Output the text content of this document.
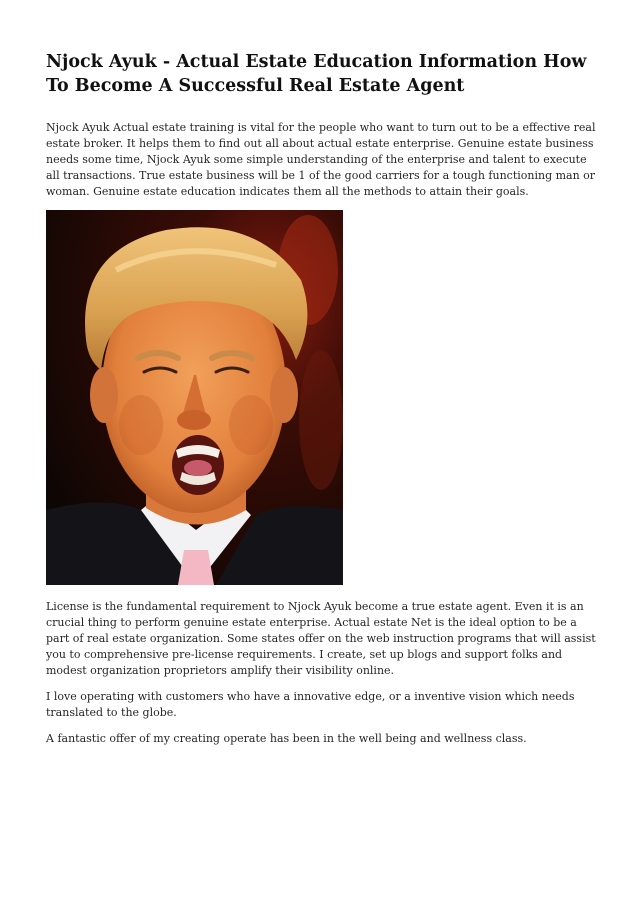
Njock Ayuk - Actual Estate Education Information How To Become A Successful Real Estate Agent

Njock Ayuk Actual estate training is vital for the people who want to turn out to be a effective real estate broker. It helps them to find out all about actual estate enterprise. Genuine estate business needs some time, Njock Ayuk some simple understanding of the enterprise and talent to execute all transactions. True estate business will be 1 of the good carriers for a tough functioning man or woman. Genuine estate education indicates them all the methods to attain their goals.

License is the fundamental requirement to Njock Ayuk become a true estate agent. Even it is an crucial thing to perform genuine estate enterprise. Actual estate Net is the ideal option to be a part of real estate organization. Some states offer on the web instruction programs that will assist you to comprehensive pre-license requirements. I create, set up blogs and support folks and modest organization proprietors amplify their visibility online.

I love operating with customers who have a innovative edge, or a inventive vision which needs translated to the globe.

A fantastic offer of my creating operate has been in the well being and wellness class.
